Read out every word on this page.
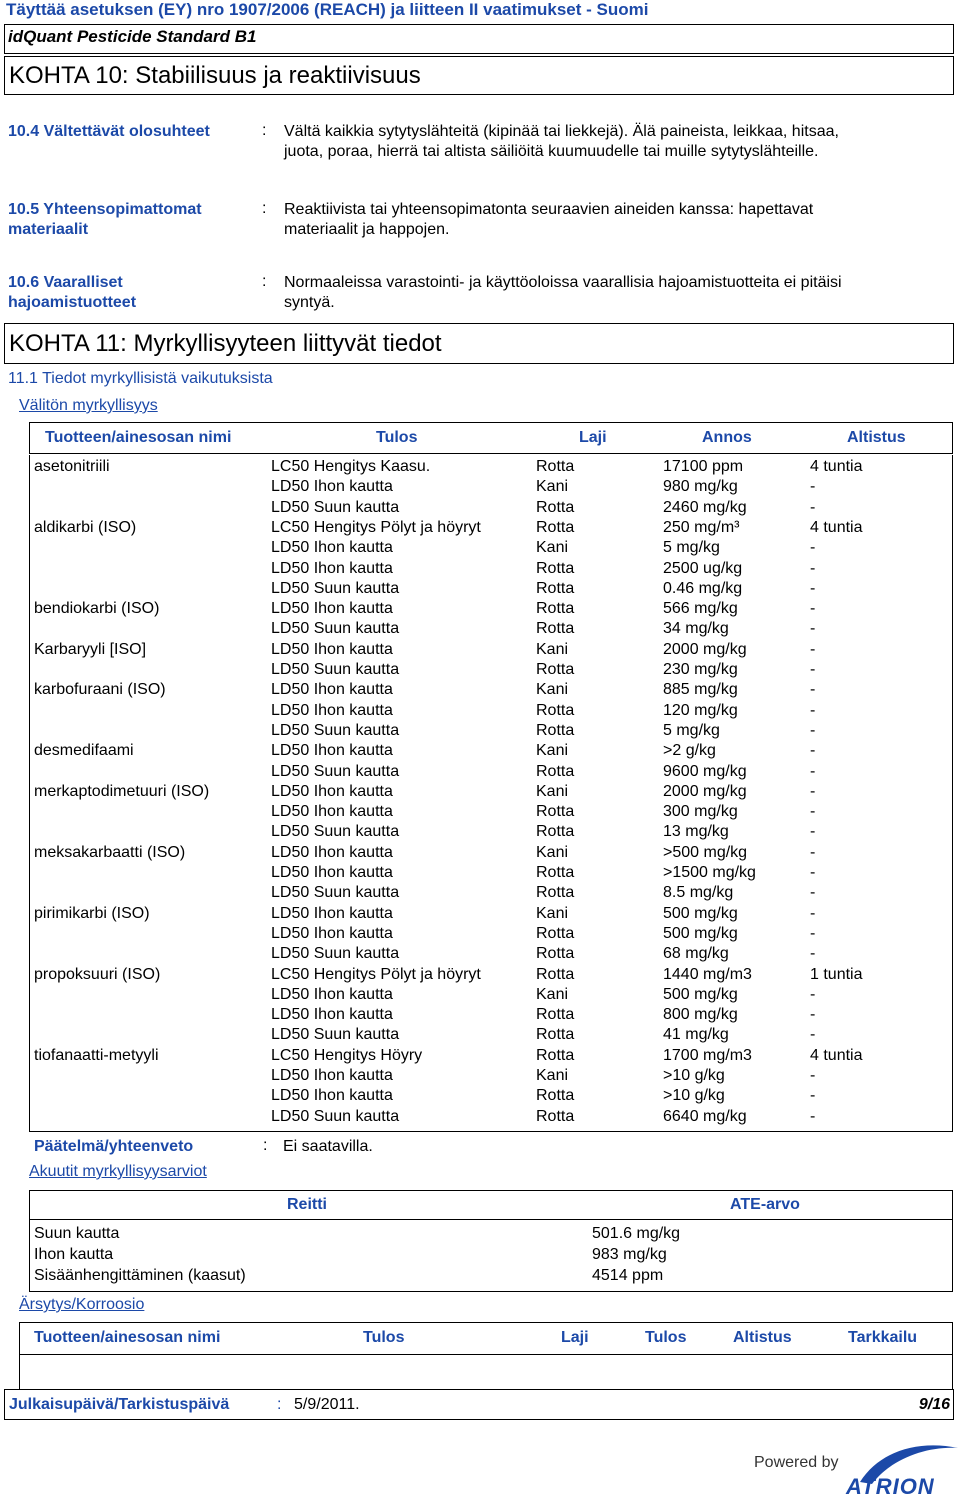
Täyttää asetuksen (EY) nro 1907/2006 (REACH) ja liitteen II vaatimukset - Suomi
idQuant Pesticide Standard B1
KOHTA 10: Stabiilisuus ja reaktiivisuus
10.4 Vältettävät olosuhteet	: Vältä kaikkia sytytyslähteitä (kipinää tai liekkejä). Älä paineista, leikkaa, hitsaa,
juota, poraa, hierrä tai altista säiliöitä kuumuudelle tai muille sytytyslähteille.
10.5 Yhteensopimattomat
materiaalit
: Reaktiivista tai yhteensopimatonta seuraavien aineiden kanssa: hapettavat
materiaalit ja happojen.
10.6 Vaaralliset
hajoamistuotteet
: Normaaleissa varastointi- ja käyttöoloissa vaarallisia hajoamistuotteita ei pitäisi
syntyä.
KOHTA 11: Myrkyllisyyteen liittyvät tiedot
11.1 Tiedot myrkyllisistä vaikutuksista
Välitön myrkyllisyys
Tuotteen/ainesosan nimi	Tulos	Laji	Annos	Altistus
asetonitriili	LC50 Hengitys Kaasu.	Rotta	17100 ppm	4 tuntia
LD50 Ihon kautta	Kani	980 mg/kg	-
LD50 Suun kautta	Rotta	2460 mg/kg	-
aldikarbi (ISO)	LC50 Hengitys Pölyt ja höyryt	Rotta	250 mg/m³	4 tuntia
LD50 Ihon kautta	Kani	5 mg/kg	-
LD50 Ihon kautta	Rotta	2500 ug/kg	-
LD50 Suun kautta	Rotta	0.46 mg/kg	-
bendiokarbi (ISO)	LD50 Ihon kautta	Rotta	566 mg/kg	-
LD50 Suun kautta	Rotta	34 mg/kg	-
Karbaryyli [ISO]	LD50 Ihon kautta	Kani	2000 mg/kg	-
LD50 Suun kautta	Rotta	230 mg/kg	-
karbofuraani (ISO)	LD50 Ihon kautta	Kani	885 mg/kg	-
LD50 Ihon kautta	Rotta	120 mg/kg	-
LD50 Suun kautta	Rotta	5 mg/kg	-
desmedifaami	LD50 Ihon kautta	Kani	>2 g/kg	-
LD50 Suun kautta	Rotta	9600 mg/kg	-
merkaptodimetuuri (ISO)	LD50 Ihon kautta	Kani	2000 mg/kg	-
LD50 Ihon kautta	Rotta	300 mg/kg	-
LD50 Suun kautta	Rotta	13 mg/kg	-
meksakarbaatti (ISO)	LD50 Ihon kautta	Kani	>500 mg/kg	-
LD50 Ihon kautta	Rotta	>1500 mg/kg	-
LD50 Suun kautta	Rotta	8.5 mg/kg	-
pirimikarbi (ISO)	LD50 Ihon kautta	Kani	500 mg/kg	-
LD50 Ihon kautta	Rotta	500 mg/kg	-
LD50 Suun kautta	Rotta	68 mg/kg	-
propoksuuri (ISO)	LC50 Hengitys Pölyt ja höyryt	Rotta	1440 mg/m3	1 tuntia
LD50 Ihon kautta	Kani	500 mg/kg	-
LD50 Ihon kautta	Rotta	800 mg/kg	-
LD50 Suun kautta	Rotta	41 mg/kg	-
tiofanaatti-metyyli	LC50 Hengitys Höyry	Rotta	1700 mg/m3	4 tuntia
LD50 Ihon kautta	Kani	>10 g/kg	-
LD50 Ihon kautta	Rotta	>10 g/kg	-
LD50 Suun kautta	Rotta	6640 mg/kg	-
Päätelmä/yhteenveto	: Ei saatavilla.
Akuutit myrkyllisyysarviot
Reitti	ATE-arvo
Suun kautta	501.6 mg/kg
Ihon kautta	983 mg/kg
Sisäänhengittäminen (kaasut)	4514 ppm
Ärsytys/Korroosio
Tuotteen/ainesosan nimi	Tulos	Laji	Tulos	Altistus	Tarkkailu
Julkaisupäivä/Tarkistuspäivä	: 5/9/2011.	9/16
Powered by
ATRION
